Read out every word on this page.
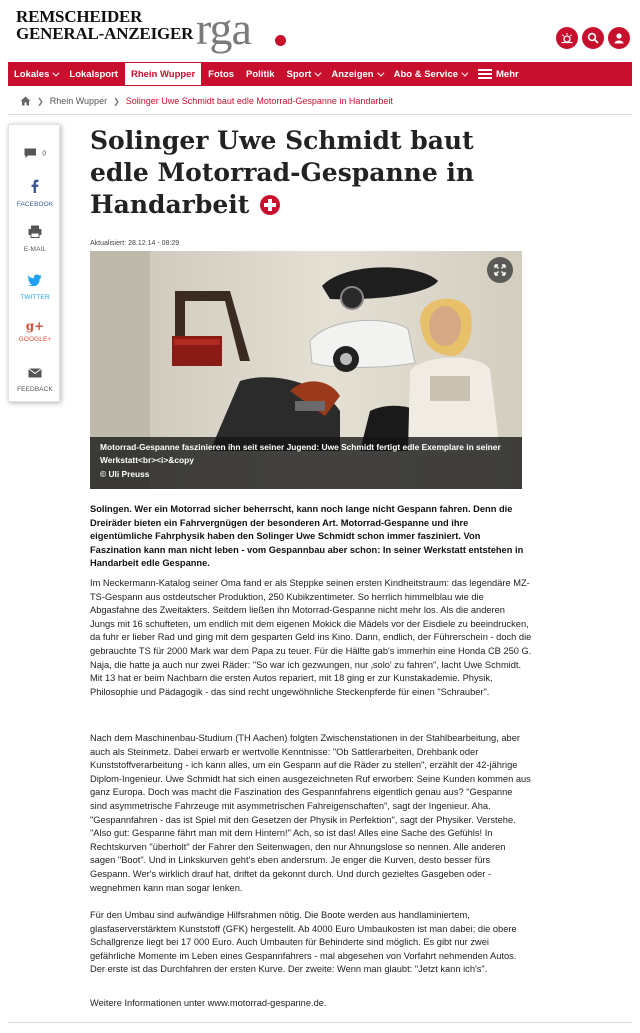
REMSCHEIDER
GENERAL-ANZEIGER rga
Lokales Lokalsport Rhein Wupper Fotos Politik Sport Anzeigen Abo & Service	Mehr
❯ Rhein Wupper ❯ Solinger Uwe Schmidt baut edle Motorrad-Gespanne in Handarbeit
0
FACEBOOK
E-MAIL
TWITTER
g+
GOOGLE+
FEEDBACK
Solinger Uwe Schmidt baut edle Motorrad-Gespanne in Handarbeit
Aktualisiert: 28.12.14 - 08:29
Motorrad-Gespanne faszinieren ihn seit seiner Jugend: Uwe Schmidt fertigt edle Exemplare in seiner Werkstatt<br><i>&copy
© Uli Preuss

Solingen. Wer ein Motorrad sicher beherrscht, kann noch lange nicht Gespann fahren. Denn die Dreiräder bieten ein Fahrvergnügen der besonderen Art. Motorrad-Gespanne und ihre eigentümliche Fahrphysik haben den Solinger Uwe Schmidt schon immer fasziniert. Von Faszination kann man nicht leben - vom Gespannbau aber schon: In seiner Werkstatt entstehen in Handarbeit edle Gespanne.

Im Neckermann-Katalog seiner Oma fand er als Steppke seinen ersten Kindheitstraum: das legendäre MZ-TS-Gespann aus ostdeutscher Produktion, 250 Kubikzentimeter. So herrlich himmelblau wie die Abgasfahne des Zweitakters. Seitdem ließen ihn Motorrad-Gespanne nicht mehr los. Als die anderen Jungs mit 16 schufteten, um endlich mit dem eigenen Mokick die Mädels vor der Eisdiele zu beeindrucken, da fuhr er lieber Rad und ging mit dem gesparten Geld ins Kino. Dann, endlich, der Führerschein - doch die gebrauchte TS für 2000 Mark war dem Papa zu teuer. Für die Hälfte gab's immerhin eine Honda CB 250 G. Naja, die hatte ja auch nur zwei Räder: "So war ich gezwungen, nur ‚solo' zu fahren", lacht Uwe Schmidt. Mit 13 hat er beim Nachbarn die ersten Autos repariert, mit 18 ging er zur Kunstakademie. Physik, Philosophie und Pädagogik - das sind recht ungewöhnliche Steckenpferde für einen "Schrauber".

Nach dem Maschinenbau-Studium (TH Aachen) folgten Zwischenstationen in der Stahlbearbeitung, aber auch als Steinmetz. Dabei erwarb er wertvolle Kenntnisse: "Ob Sattlerarbeiten, Drehbank oder Kunststoffverarbeitung - ich kann alles, um ein Gespann auf die Räder zu stellen", erzählt der 42-jährige Diplom-Ingenieur. Uwe Schmidt hat sich einen ausgezeichneten Ruf erworben: Seine Kunden kommen aus ganz Europa. Doch was macht die Faszination des Gespannfahrens eigentlich genau aus? "Gespanne sind asymmetrische Fahrzeuge mit asymmetrischen Fahreigenschaften", sagt der Ingenieur. Aha. "Gespannfahren - das ist Spiel mit den Gesetzen der Physik in Perfektion", sagt der Physiker. Verstehe. "Also gut: Gespanne fährt man mit dem Hintern!" Ach, so ist das! Alles eine Sache des Gefühls! In Rechtskurven "überholt" der Fahrer den Seitenwagen, den nur Ahnungslose so nennen. Alle anderen sagen "Boot". Und in Linkskurven geht's eben andersrum. Je enger die Kurven, desto besser fürs Gespann. Wer's wirklich drauf hat, driftet da gekonnt durch. Und durch gezieltes Gasgeben oder -wegnehmen kann man sogar lenken.

Für den Umbau sind aufwändige Hilfsrahmen nötig. Die Boote werden aus handlaminiertem, glasfaserverstärktem Kunststoff (GFK) hergestellt. Ab 4000 Euro Umbaukosten ist man dabei; die obere Schallgrenze liegt bei 17 000 Euro. Auch Umbauten für Behinderte sind möglich. Es gibt nur zwei gefährliche Momente im Leben eines Gespannfahrers - mal abgesehen von Vorfahrt nehmenden Autos. Der erste ist das Durchfahren der ersten Kurve. Der zweite: Wenn man glaubt: "Jetzt kann ich's".

Weitere Informationen unter www.motorrad-gespanne.de.
